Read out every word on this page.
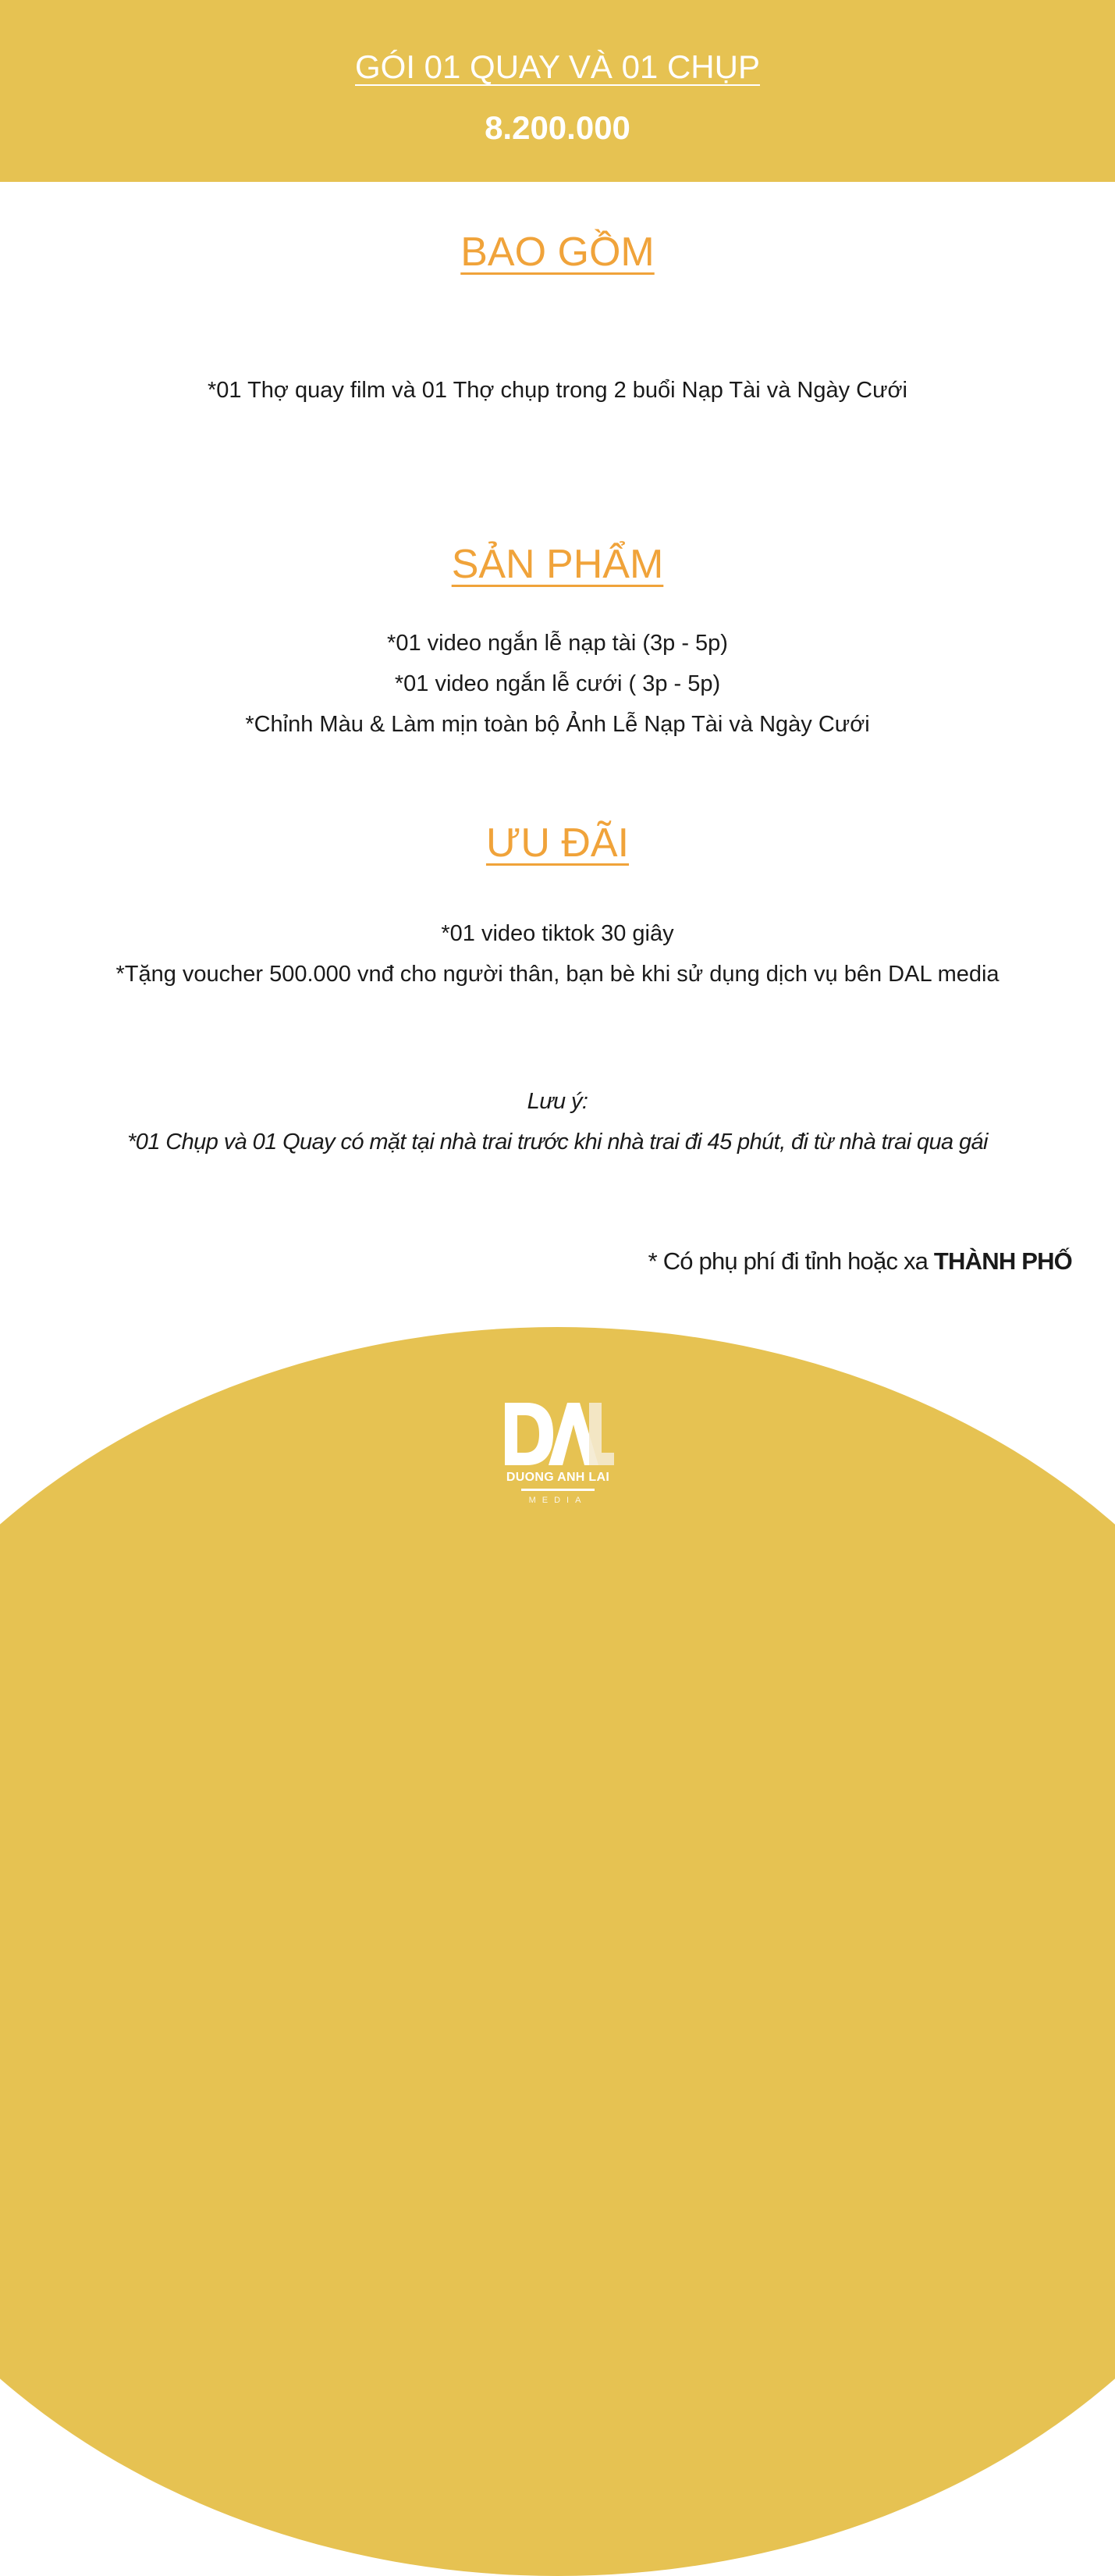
GÓI 01 QUAY VÀ 01 CHỤP
8.200.000
BAO GỒM
*01 Thợ quay film và 01 Thợ chụp trong 2 buổi Nạp Tài và Ngày Cưới
SẢN PHẨM
*01 video ngắn lễ nạp tài (3p - 5p)
*01 video ngắn lễ cưới ( 3p - 5p)
*Chỉnh Màu & Làm mịn toàn bộ Ảnh Lễ Nạp Tài và Ngày Cưới
ƯU ĐÃI
*01 video tiktok 30 giây
*Tặng voucher 500.000 vnđ cho người thân, bạn bè khi sử dụng dịch vụ bên DAL media
Lưu ý:
*01 Chụp và 01 Quay có mặt tại nhà trai trước khi nhà trai đi 45 phút, đi từ nhà trai qua gái
* Có phụ phí đi tỉnh hoặc xa THÀNH PHỐ
DUONG ANH LAI
MEDIA
